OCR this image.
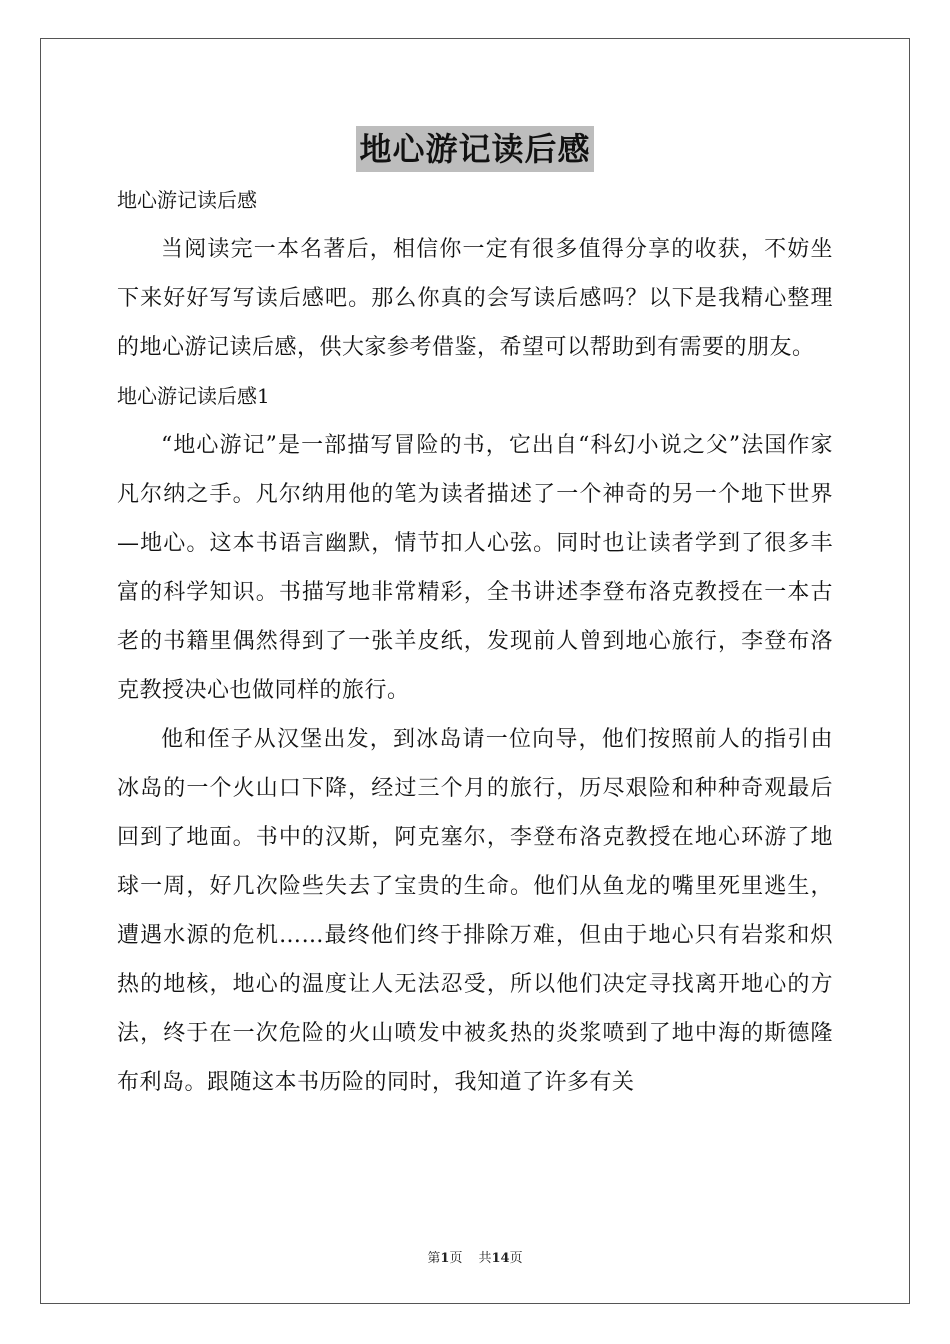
地心游记读后感

地心游记读后感

当阅读完一本名著后，相信你一定有很多值得分享的收获，不妨坐下来好好写写读后感吧。那么你真的会写读后感吗？以下是我精心整理的地心游记读后感，供大家参考借鉴，希望可以帮助到有需要的朋友。

地心游记读后感1

“地心游记”是一部描写冒险的书，它出自“科幻小说之父”法国作家凡尔纳之手。凡尔纳用他的笔为读者描述了一个神奇的另一个地下世界—地心。这本书语言幽默，情节扣人心弦。同时也让读者学到了很多丰富的科学知识。书描写地非常精彩，全书讲述李登布洛克教授在一本古老的书籍里偶然得到了一张羊皮纸，发现前人曾到地心旅行，李登布洛克教授决心也做同样的旅行。

他和侄子从汉堡出发，到冰岛请一位向导，他们按照前人的指引由冰岛的一个火山口下降，经过三个月的旅行，历尽艰险和种种奇观最后回到了地面。书中的汉斯，阿克塞尔，李登布洛克教授在地心环游了地球一周，好几次险些失去了宝贵的生命。他们从鱼龙的嘴里死里逃生，遭遇水源的危机……最终他们终于排除万难，但由于地心只有岩浆和炽热的地核，地心的温度让人无法忍受，所以他们决定寻找离开地心的方法，终于在一次危险的火山喷发中被炙热的炎浆喷到了地中海的斯德隆布利岛。跟随这本书历险的同时，我知道了许多有关

第1页 共14页
